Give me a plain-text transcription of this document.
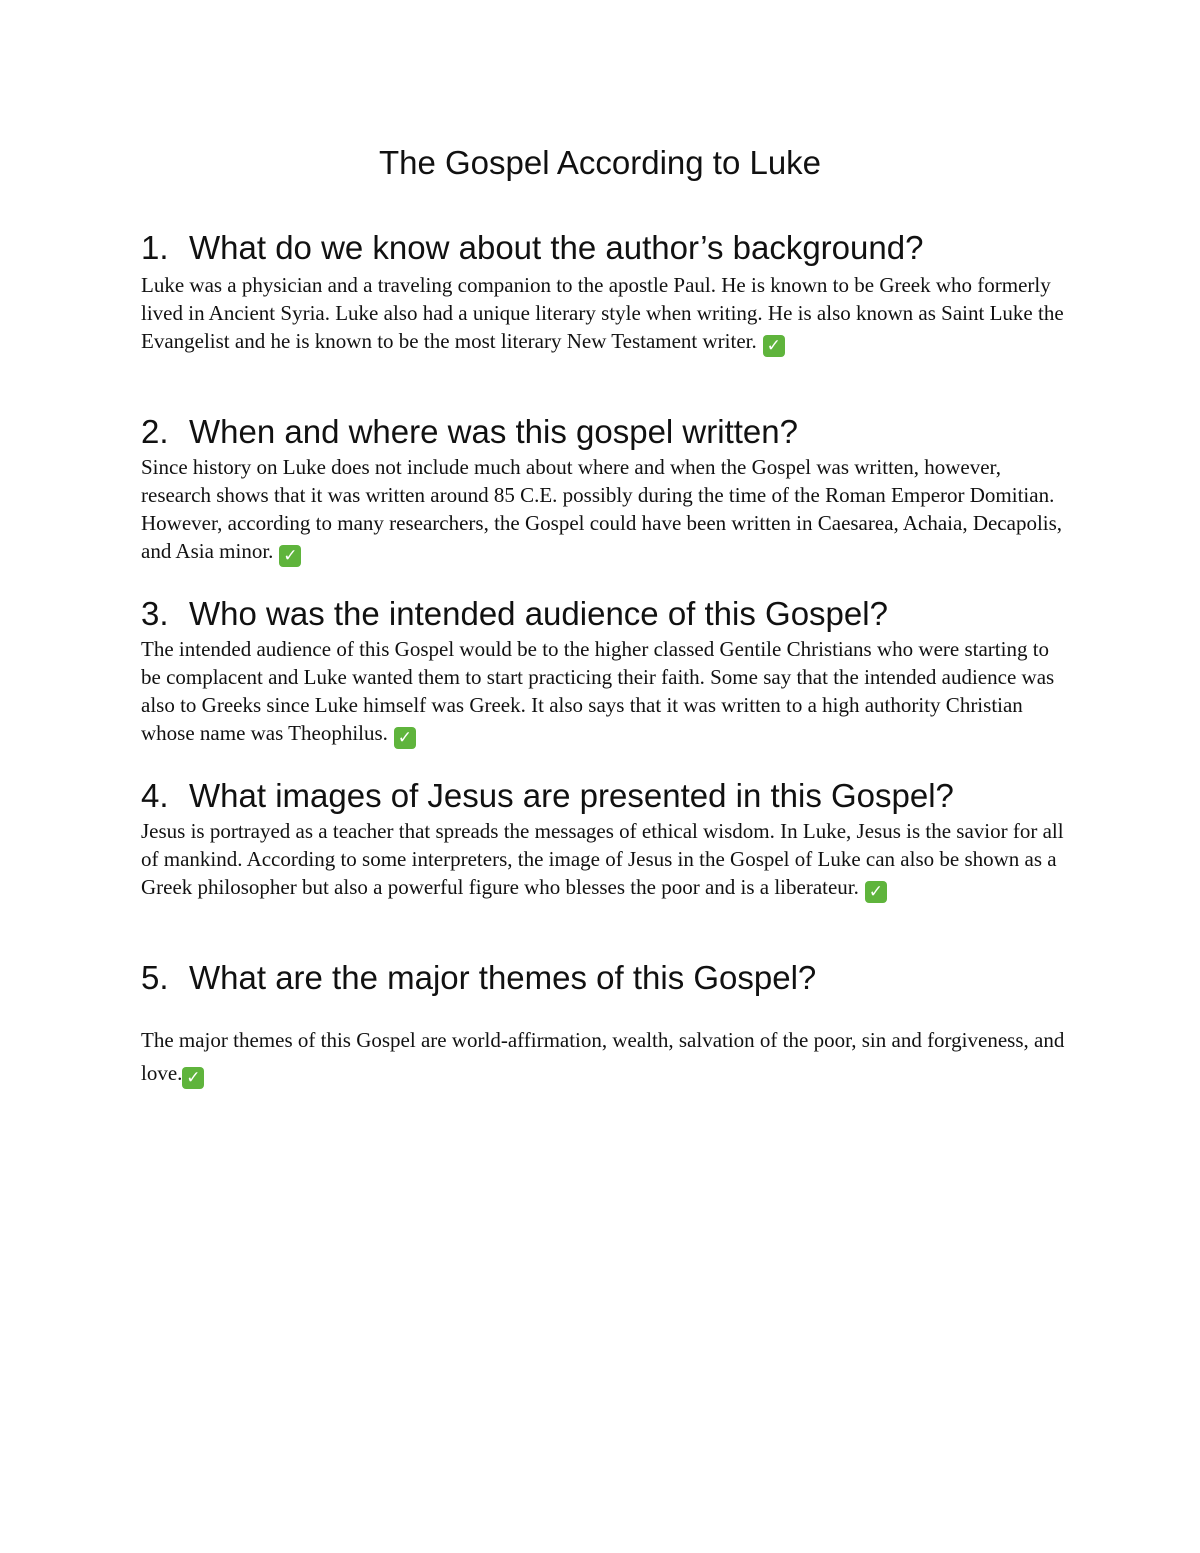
The Gospel According to Luke
1. What do we know about the author’s background?
Luke was a physician and a traveling companion to the apostle Paul. He is known to be Greek who formerly lived in Ancient Syria. Luke also had a unique literary style when writing. He is also known as Saint Luke the Evangelist and he is known to be the most literary New Testament writer. ✓
2. When and where was this gospel written?
Since history on Luke does not include much about where and when the Gospel was written, however, research shows that it was written around 85 C.E. possibly during the time of the Roman Emperor Domitian. However, according to many researchers, the Gospel could have been written in Caesarea, Achaia, Decapolis, and Asia minor. ✓
3. Who was the intended audience of this Gospel?
The intended audience of this Gospel would be to the higher classed Gentile Christians who were starting to be complacent and Luke wanted them to start practicing their faith. Some say that the intended audience was also to Greeks since Luke himself was Greek. It also says that it was written to a high authority Christian whose name was Theophilus. ✓
4. What images of Jesus are presented in this Gospel?
Jesus is portrayed as a teacher that spreads the messages of ethical wisdom. In Luke, Jesus is the savior for all of mankind. According to some interpreters, the image of Jesus in the Gospel of Luke can also be shown as a Greek philosopher but also a powerful figure who blesses the poor and is a liberateur. ✓
5. What are the major themes of this Gospel?
The major themes of this Gospel are world-affirmation, wealth, salvation of the poor, sin and forgiveness, and love. ✓
